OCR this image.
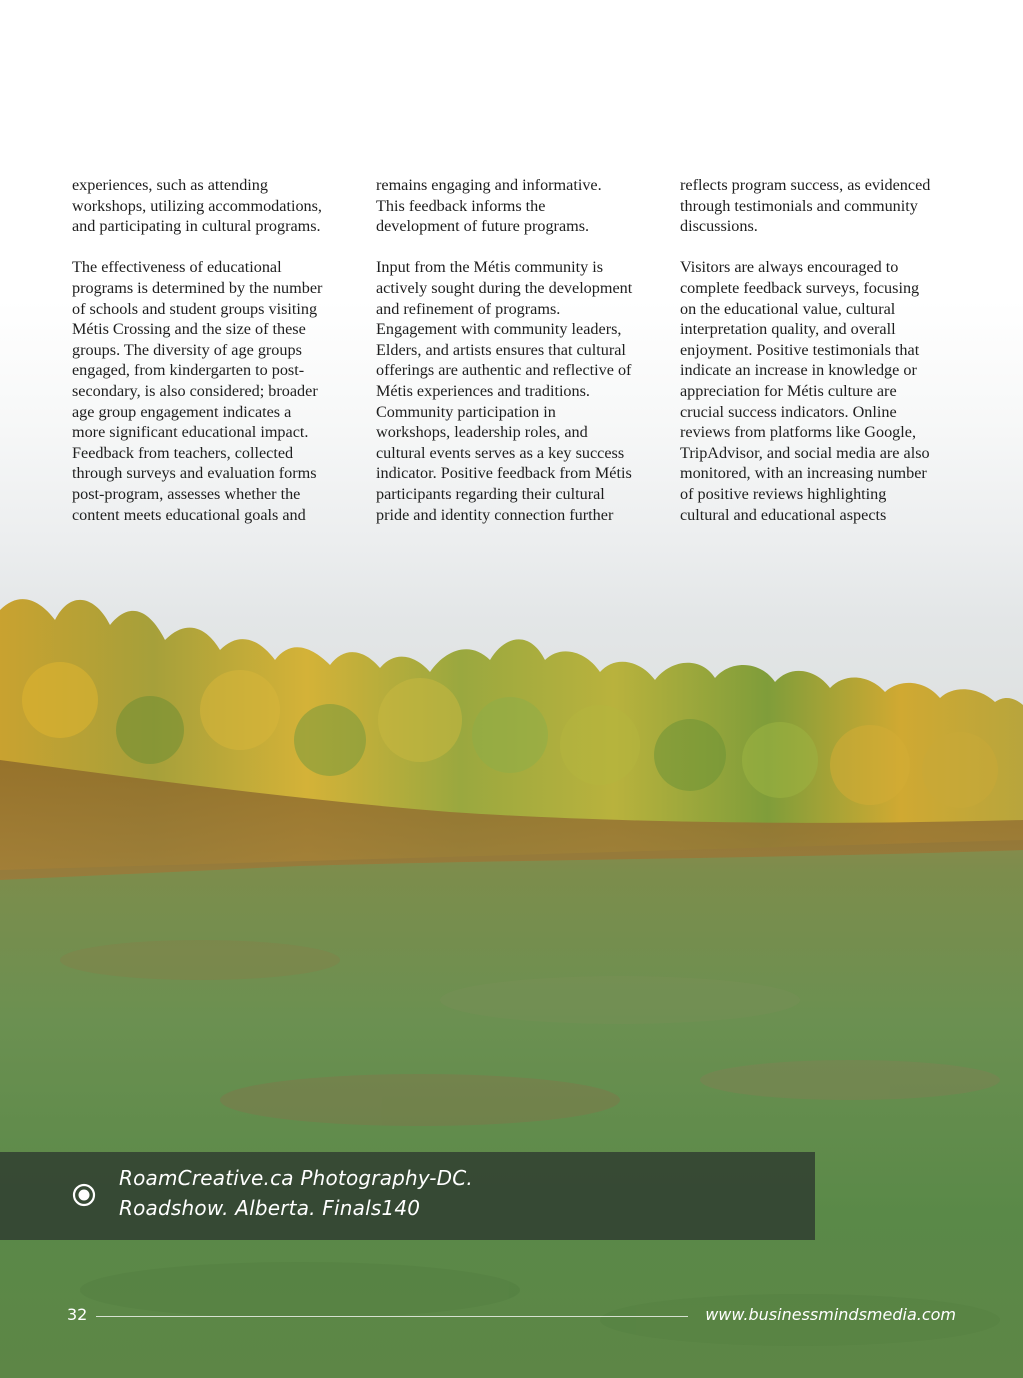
experiences, such as attending
workshops, utilizing accommodations,
and participating in cultural programs.

The effectiveness of educational
programs is determined by the number
of schools and student groups visiting
Métis Crossing and the size of these
groups. The diversity of age groups
engaged, from kindergarten to post-
secondary, is also considered; broader
age group engagement indicates a
more significant educational impact.
Feedback from teachers, collected
through surveys and evaluation forms
post-program, assesses whether the
content meets educational goals and

remains engaging and informative.
This feedback informs the
development of future programs.

Input from the Métis community is
actively sought during the development
and refinement of programs.
Engagement with community leaders,
Elders, and artists ensures that cultural
offerings are authentic and reflective of
Métis experiences and traditions.
Community participation in
workshops, leadership roles, and
cultural events serves as a key success
indicator. Positive feedback from Métis
participants regarding their cultural
pride and identity connection further

reflects program success, as evidenced
through testimonials and community
discussions.

Visitors are always encouraged to
complete feedback surveys, focusing
on the educational value, cultural
interpretation quality, and overall
enjoyment. Positive testimonials that
indicate an increase in knowledge or
appreciation for Métis culture are
crucial success indicators. Online
reviews from platforms like Google,
TripAdvisor, and social media are also
monitored, with an increasing number
of positive reviews highlighting
cultural and educational aspects

RoamCreative.ca Photography-DC.
Roadshow. Alberta. Finals140
32	www.businessmindsmedia.com
